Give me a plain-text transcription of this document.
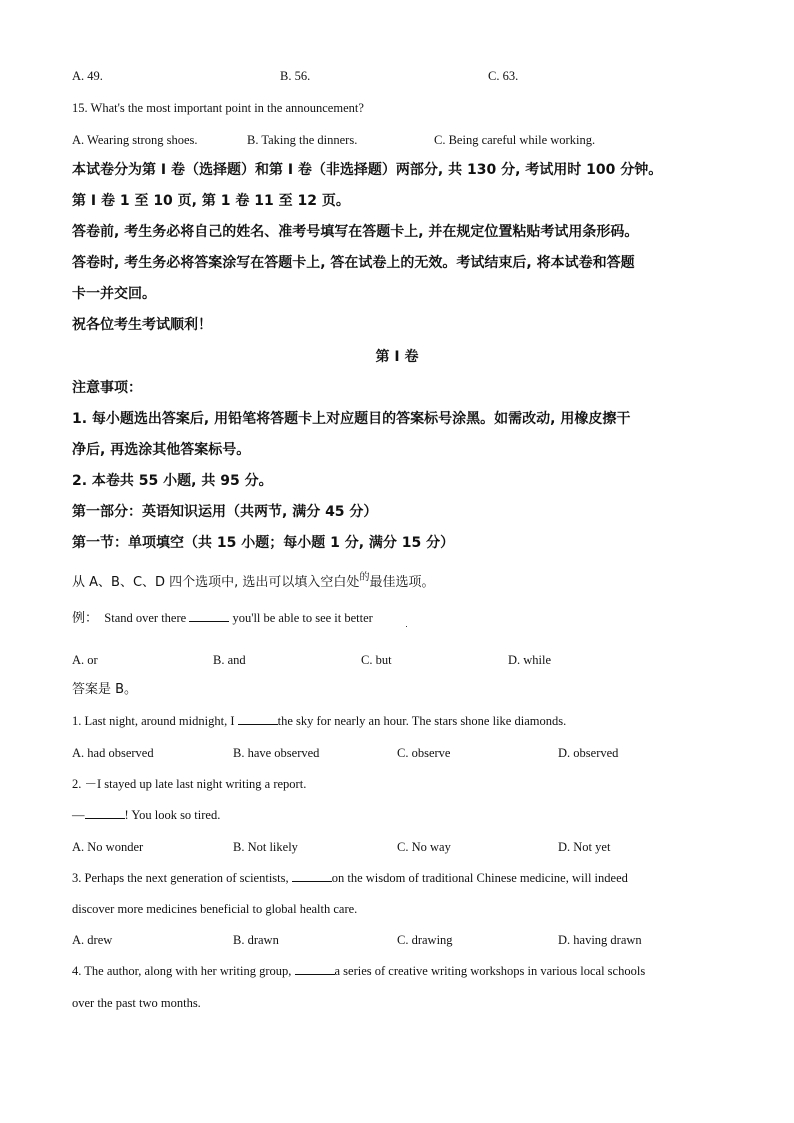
A. 49.	B. 56.	C. 63.
15. What's the most important point in the announcement?
A. Wearing strong shoes.	B. Taking the dinners.	C. Being careful while working.
本试卷分为第 I 卷（选择题）和第 I 卷（非选择题）两部分, 共 130 分, 考试用时 100 分钟。
第 I 卷 1 至 10 页, 第 1 卷 11 至 12 页。
答卷前, 考生务必将自己的姓名、准考号填写在答题卡上, 并在规定位置粘贴考试用条形码。
答卷时, 考生务必将答案涂写在答题卡上, 答在试卷上的无效。考试结束后, 将本试卷和答题
卡一并交回。
祝各位考生考试顺利！
第 I 卷
注意事项：
1. 每小题选出答案后, 用铅笔将答题卡上对应题目的答案标号涂黑。如需改动, 用橡皮擦干
净后, 再选涂其他答案标号。
2. 本卷共 55 小题, 共 95 分。
第一部分：英语知识运用（共两节, 满分 45 分）
第一节：单项填空（共 15 小题；每小题 1 分, 满分 15 分）
从 A、B、C、D 四个选项中, 选出可以填入空白处$^的$最佳选项。
例： Stand over there	you'll be able to see it better
A. or	B. and	C. but	D. while
答案是 B。
1. Last night, around midnight, I	the sky for nearly an hour. The stars shone like diamonds.
A. had observed	B. have observed	C. observe	D. observed
2. －I stayed up late last night writing a report.
—	! You look so tired.
A. No wonder	B. Not likely	C. No way	D. Not yet
3. Perhaps the next generation of scientists,	on the wisdom of traditional Chinese medicine, will indeed
discover more medicines beneficial to global health care.
A. drew	B. drawn	C. drawing	D. having drawn
4. The author, along with her writing group,	a series of creative writing workshops in various local schools
over the past two months.
